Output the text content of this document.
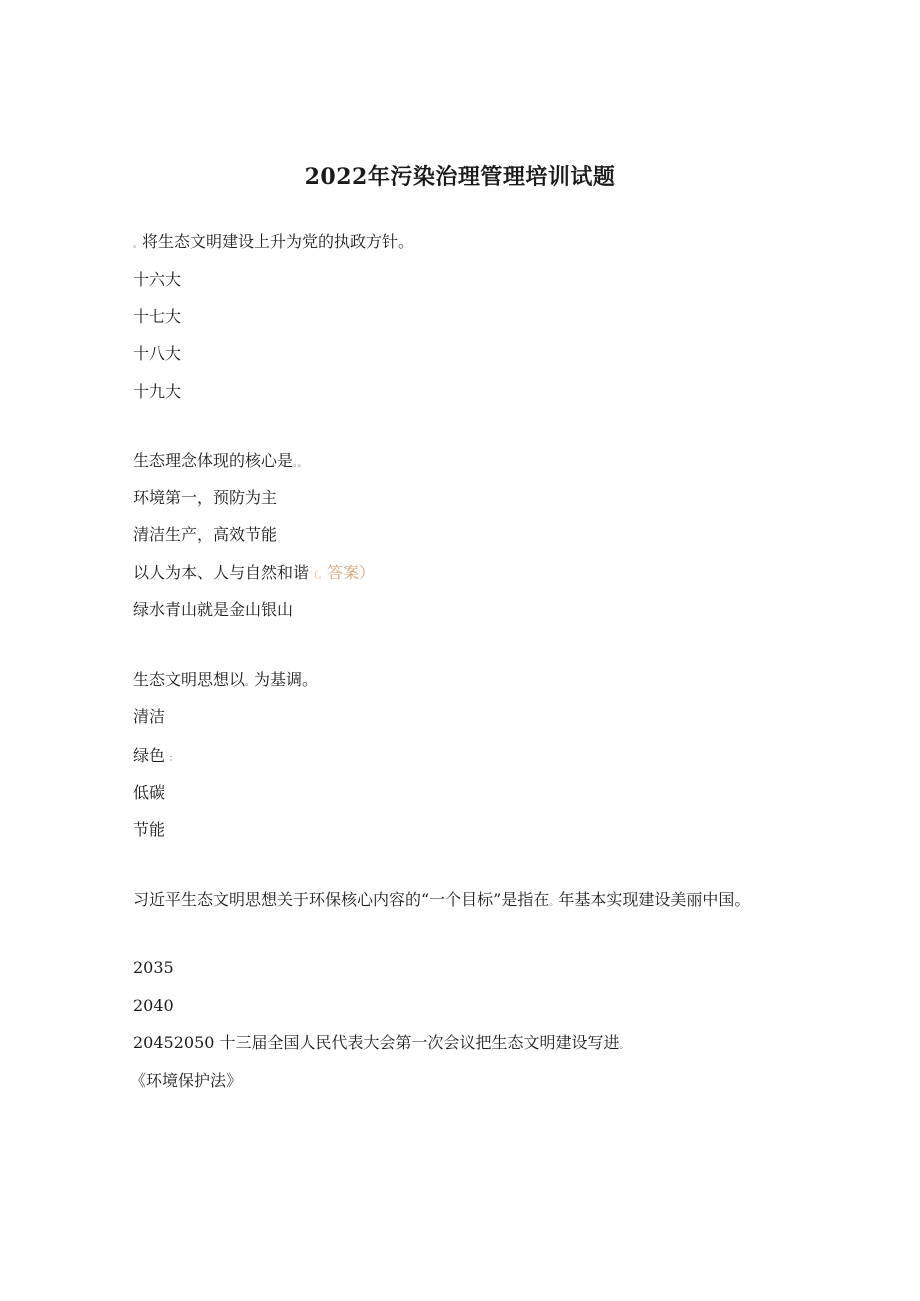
2022年污染治理管理培训试题
。将生态文明建设上升为党的执政方针。
十六大
十七大
十八大
十九大
生态理念体现的核心是。。
环境第一，预防为主
清洁生产，高效节能
以人为本、人与自然和谐（。答案）
绿水青山就是金山银山
生态文明思想以。为基调。
清洁
绿色 ：
低碳
节能
习近平生态文明思想关于环保核心内容的“一个目标”是指在。年基本实现建设美丽中国。
2035
2040
20452050 十三届全国人民代表大会第一次会议把生态文明建设写进。
《环境保护法》
